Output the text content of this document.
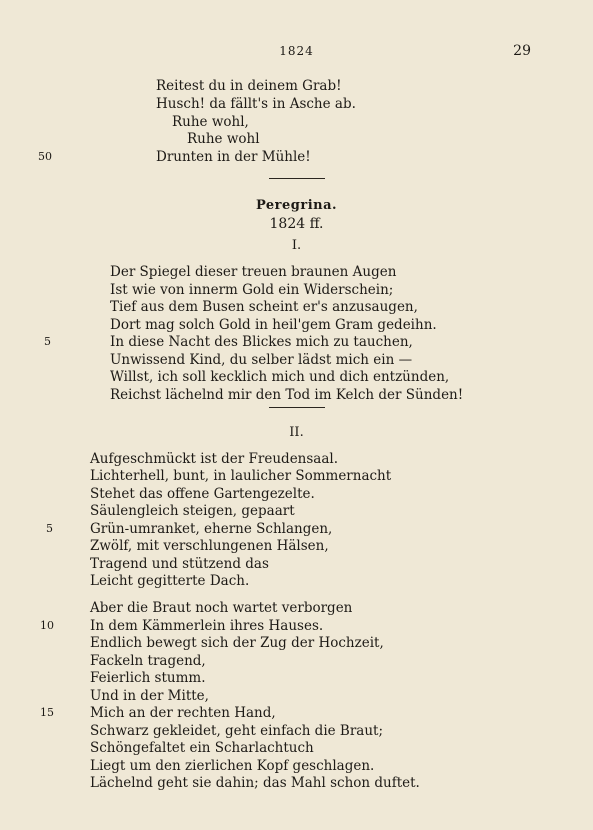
1824	29
Reitest du in deinem Grab!
Husch! da fällt's in Asche ab.
Ruhe wohl,
Ruhe wohl
Drunten in der Mühle!
50
Peregrina.
1824 ff.
I.
Der Spiegel dieser treuen braunen Augen
Ist wie von innerm Gold ein Widerschein;
Tief aus dem Busen scheint er's anzusaugen,
Dort mag solch Gold in heil'gem Gram gedeihn.
In diese Nacht des Blickes mich zu tauchen,
5
Unwissend Kind, du selber lädst mich ein —
Willst, ich soll kecklich mich und dich entzünden,
Reichst lächelnd mir den Tod im Kelch der Sünden!
II.
Aufgeschmückt ist der Freudensaal.
Lichterhell, bunt, in laulicher Sommernacht
Stehet das offene Gartengezelte.
Säulengleich steigen, gepaart
Grün-umranket, eherne Schlangen,
5
Zwölf, mit verschlungenen Hälsen,
Tragend und stützend das
Leicht gegitterte Dach.
Aber die Braut noch wartet verborgen
In dem Kämmerlein ihres Hauses.
10
Endlich bewegt sich der Zug der Hochzeit,
Fackeln tragend,
Feierlich stumm.
Und in der Mitte,
Mich an der rechten Hand,
15
Schwarz gekleidet, geht einfach die Braut;
Schöngefaltet ein Scharlachtuch
Liegt um den zierlichen Kopf geschlagen.
Lächelnd geht sie dahin; das Mahl schon duftet.
